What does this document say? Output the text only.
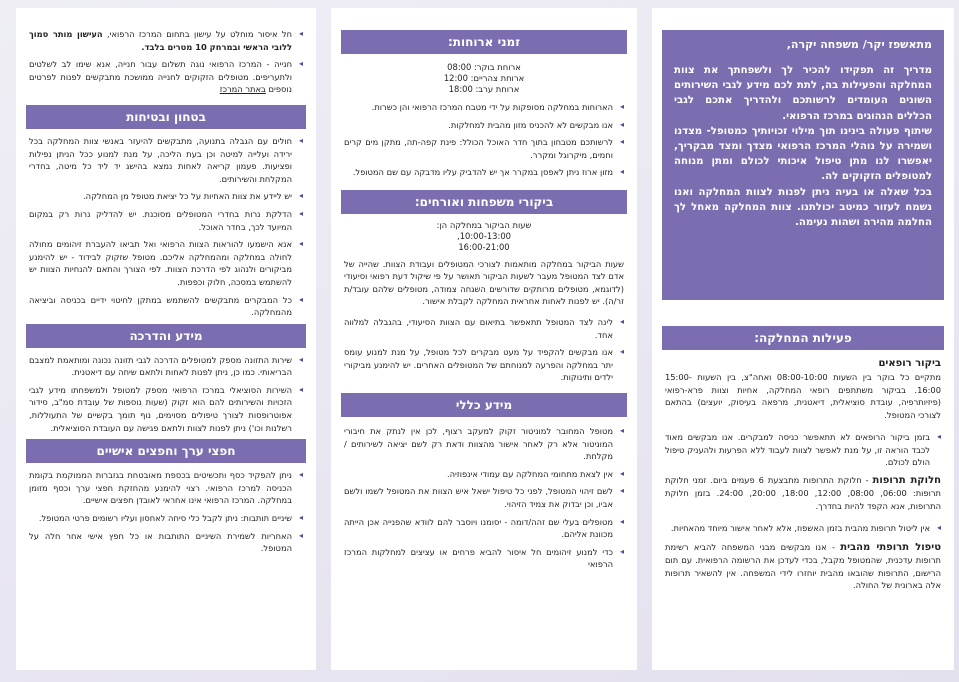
מתאשפז יקר/ משפחה יקרה,

מדריך זה תפקידו להכיר לך ולשפחתך את צוות המחלקה והפעילות בה, לתת לכם מידע לגבי השירותים השונים העומדים לרשותכם ולהדריך אתכם לגבי הכללים הנהוגים במרכז הרפואי.

שיתוף פעולה בינינו תוך מילוי זכויותיך כמטופל- מצדנו ושמירה על נוהלי המרכז הרפואי מצדך ומצד מבקריך, יאפשרו לנו מתן טיפול איכותי לכולם ומתן מנוחה למטופלים הזקוקים לה.

בכל שאלה או בעיה ניתן לפנות לצוות המחלקה ואנו נשמח לעזור כמיטב יכולתנו. צוות המחלקה מאחל לך החלמה מהירה ושהות נעימה.

פעילות המחלקה:
ביקור רופאים

מתקיים כל בוקר בין השעות 08:00-10:00 ואחה"צ, בין השעות 15:00-16:00. בביקור משתתפים רופאי המחלקה, אחיות וצוות פרא-רפואי (פיזיותרפיה, עובדת סוציאלית, דיאטנית, מרפאה בעיסוק, יועצים) בהתאם לצורכי המטופל.

◂ בזמן ביקור הרופאים לא תתאפשר כניסה למבקרים. אנו מבקשים מאוד לכבד הוראה זו, על מנת לאפשר לצוות לעבוד ללא הפרעות ולהעניק טיפול הולם לכולם.

חלוקת תרופות - חלוקת התרופות מתבצעת 6 פעמים ביום. זמני חלוקת תרופות: 06:00, 08:00, 12:00, 18:00, 20:00, 24:00. בזמן חלוקת התרופות, אנא הקפד להיות בחדרך.

◂ אין ליטול תרופות מהבית בזמן האשפוז, אלא לאחר אישור מיוחד מהאחיות.

טיפול תרופתי מהבית - אנו מבקשים מבני המשפחה להביא רשימת תרופות עדכנית, שהמטופל מקבל, בכדי לעדכן את הרשומה הרפואית. עם תום הרישום, התרופות שהובאו מהבית יוחזרו לידי המשפחה. אין להשאיר תרופות אלה בארונית של החולה.

זמני ארוחות:
ארוחת בוקר: 08:00
ארוחת צהריים: 12:00
ארוחת ערב: 18:00
◂ הארוחות במחלקה מסופקות על ידי מטבח המרכז הרפואי והן כשרות.
◂ אנו מבקשים לא להכניס מזון מהבית למחלקות.
◂ לרשותכם מטבחון בתוך חדר האוכל הכולל: פינת קפה-תה, מתקן מים קרים וחמים, מיקרוגל ומקרר.
◂ מזון ארוז ניתן לאפסן במקרר אך יש להדביק עליו מדבקה עם שם המטופל.
ביקורי משפחות ואורחים:
שעות הביקור במחלקה הן:
10:00-13:00,
16:00-21:00

שעות הביקור במחלקה מותאמות לצורכי המטופלים ועבודת הצוות. שהייה של אדם לצד המטופל מעבר לשעות הביקור תאושר על פי שיקול דעת רפואי וסיעודי (לדוגמא, מטופלים מרותקים שדורשים השגחה צמודה, מטופלים שלהם עובד/ת זר/ה). יש לפנות לאחות אחראית המחלקה לקבלת אישור.

◂ לינה לצד המטופל תתאפשר בתיאום עם הצוות הסיעודי, בהגבלה למלווה אחד.
◂ אנו מבקשים להקפיד על מעט מבקרים לכל מטופל, על מנת למנוע עומס יתר במחלקה והפרעה למנוחתם של המטופלים האחרים. יש להימנע מביקורי ילדים ותינוקות.
מידע כללי
◂ מטופל המחובר למוניטור זקוק למעקב רצוף, לכן אין לנתק את חיבורי המוניטור אלא רק לאחר אישור מהצוות ודאת רק לשם יציאה לשירותים / מקלחת.
◂ אין לצאת מתחומי המחלקה עם עמודי אינפוזיה.
◂ לשם זיהוי המטופל, לפני כל טיפול ישאל איש הצוות את המטופל לשמו ולשם אביו, וכן יבדוק את צמיד הזיהוי.
◂ מטופלים בעלי שם זהה/דומה - יסומנו ויוסבר להם לוודא שהפנייה אכן הייתה מכוונת אליהם.
◂ כדי למנוע זיהומים חל איסור להביא פרחים או עציצים למחלקות המרכז הרפואי
◂ חל איסור מוחלט על עישון בתחום המרכז הרפואי, העישון מותר סמוך ללובי הראשי ובמרחק 10 מטרים בלבד.
◂ חנייה - המרכז הרפואי נוגה תשלום עבור חנייה, אנא שימו לב לשלטים ולתעריפים. מטופלים הזקוקים לחנייה ממושכת מתבקשים לפנות לפרטים נוספים באתר המרכז
בטחון ובטיחות
◂ חולים עם הגבלה בתנועה, מתבקשים להיעזר באנשי צוות המחלקה בכל ירידה ועלייה למיטה וכן בעת הליכה, על מנת למנוע ככל הניתן נפילות ופציעות. פעמון קריאה לאחות נמצא בהישג יד ליד כל מיטה, בחדרי המקלחת והשירותים.
◂ יש ליידע את צוות האחיות על כל יציאת מטופל מן המחלקה.
◂ הדלקת נרות בחדרי המטופלים מסוכנת. יש להדליק נרות רק במקום המיועד לכך, בחדר האוכל.
◂ אנא הישמעו להוראות הצוות הרפואי ואל תביאו להעברת זיהומים מחולה לחולה במחלקה ומהמחלקה אליכם. מטופל שזקוק לבידוד - יש להימנע מביקורים ולנהוג לפי הדרכת הצוות. לפי הצורך והתאם להנחיות הצוות יש להשתמש במסכה, חלוק וכפפות.
◂ כל המבקרים מתבקשים להשתמש במתקן לחיטוי ידיים בכניסה וביציאה מהמחלקה.
מידע והדרכה
◂ שירות התזונה מספק למטופלים הדרכה לגבי תזונה נכונה ומותאמת למצבם הבריאותי. כמו כן, ניתן לפנות לאחות ולתאם שיחה עם דיאטנית.
◂ השירות הסוציאלי במרכז הרפואי מספק למטופל ולמשפחתו מידע לגבי הזכויות והשירותים להם הוא זקוק (שעות נוספות של עובדת סמ"ב, סידור אפוטרופסות לצורך טיפולים מסוימים, נוף תומך בקשיים של התעוללות, רשלנות וכו') ניתן לפנות לצוות ולתאם פגישה עם העובדת הסוציאלית.
חפצי ערך וחפצים אישיים
◂ ניתן להפקיד כסף ותכשיטים בכספת מאובטחת בגזברות הממוקמת בקומת הכניסה למרכז הרפואי. רצוי להימנע מהחזקת חפצי ערך וכסף מזומן במחלקה. המרכז הרפואי אינו אחראי לאובדן חפצים אישיים.
◂ שיניים תותבות: ניתן לקבל כלי סיחה לאחסון ועליו רשומים פרטי המטופל.
◂ האחריות לשמירת השיניים התותבות או כל חפץ אישי אחר חלה על המטופל.
